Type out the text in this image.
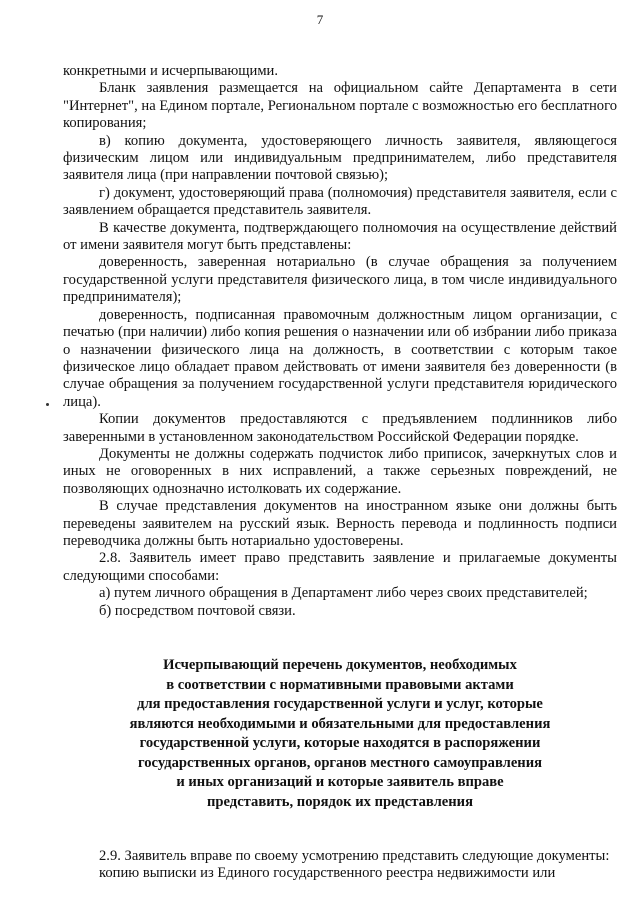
7

конкретными и исчерпывающими.

Бланк заявления размещается на официальном сайте Департамента в сети "Интернет", на Едином портале, Региональном портале с возможностью его бесплатного копирования;

в) копию документа, удостоверяющего личность заявителя, являющегося физическим лицом или индивидуальным предпринимателем, либо представителя заявителя лица (при направлении почтовой связью);

г) документ, удостоверяющий права (полномочия) представителя заявителя, если с заявлением обращается представитель заявителя.

В качестве документа, подтверждающего полномочия на осуществление действий от имени заявителя могут быть представлены:

доверенность, заверенная нотариально (в случае обращения за получением государственной услуги представителя физического лица, в том числе индивидуального предпринимателя);

доверенность, подписанная правомочным должностным лицом организации, с печатью (при наличии) либо копия решения о назначении или об избрании либо приказа о назначении физического лица на должность, в соответствии с которым такое физическое лицо обладает правом действовать от имени заявителя без доверенности (в случае обращения за получением государственной услуги представителя юридического лица).

Копии документов предоставляются с предъявлением подлинников либо заверенными в установленном законодательством Российской Федерации порядке.

Документы не должны содержать подчисток либо приписок, зачеркнутых слов и иных не оговоренных в них исправлений, а также серьезных повреждений, не позволяющих однозначно истолковать их содержание.

В случае представления документов на иностранном языке они должны быть переведены заявителем на русский язык. Верность перевода и подлинность подписи переводчика должны быть нотариально удостоверены.

2.8. Заявитель имеет право представить заявление и прилагаемые документы следующими способами:

а) путем личного обращения в Департамент либо через своих представителей;

б) посредством почтовой связи.

Исчерпывающий перечень документов, необходимых
в соответствии с нормативными правовыми актами
для предоставления государственной услуги и услуг, которые
являются необходимыми и обязательными для предоставления
государственной услуги, которые находятся в распоряжении
государственных органов, органов местного самоуправления
и иных организаций и которые заявитель вправе
представить, порядок их представления

2.9. Заявитель вправе по своему усмотрению представить следующие документы:

копию выписки из Единого государственного реестра недвижимости или
